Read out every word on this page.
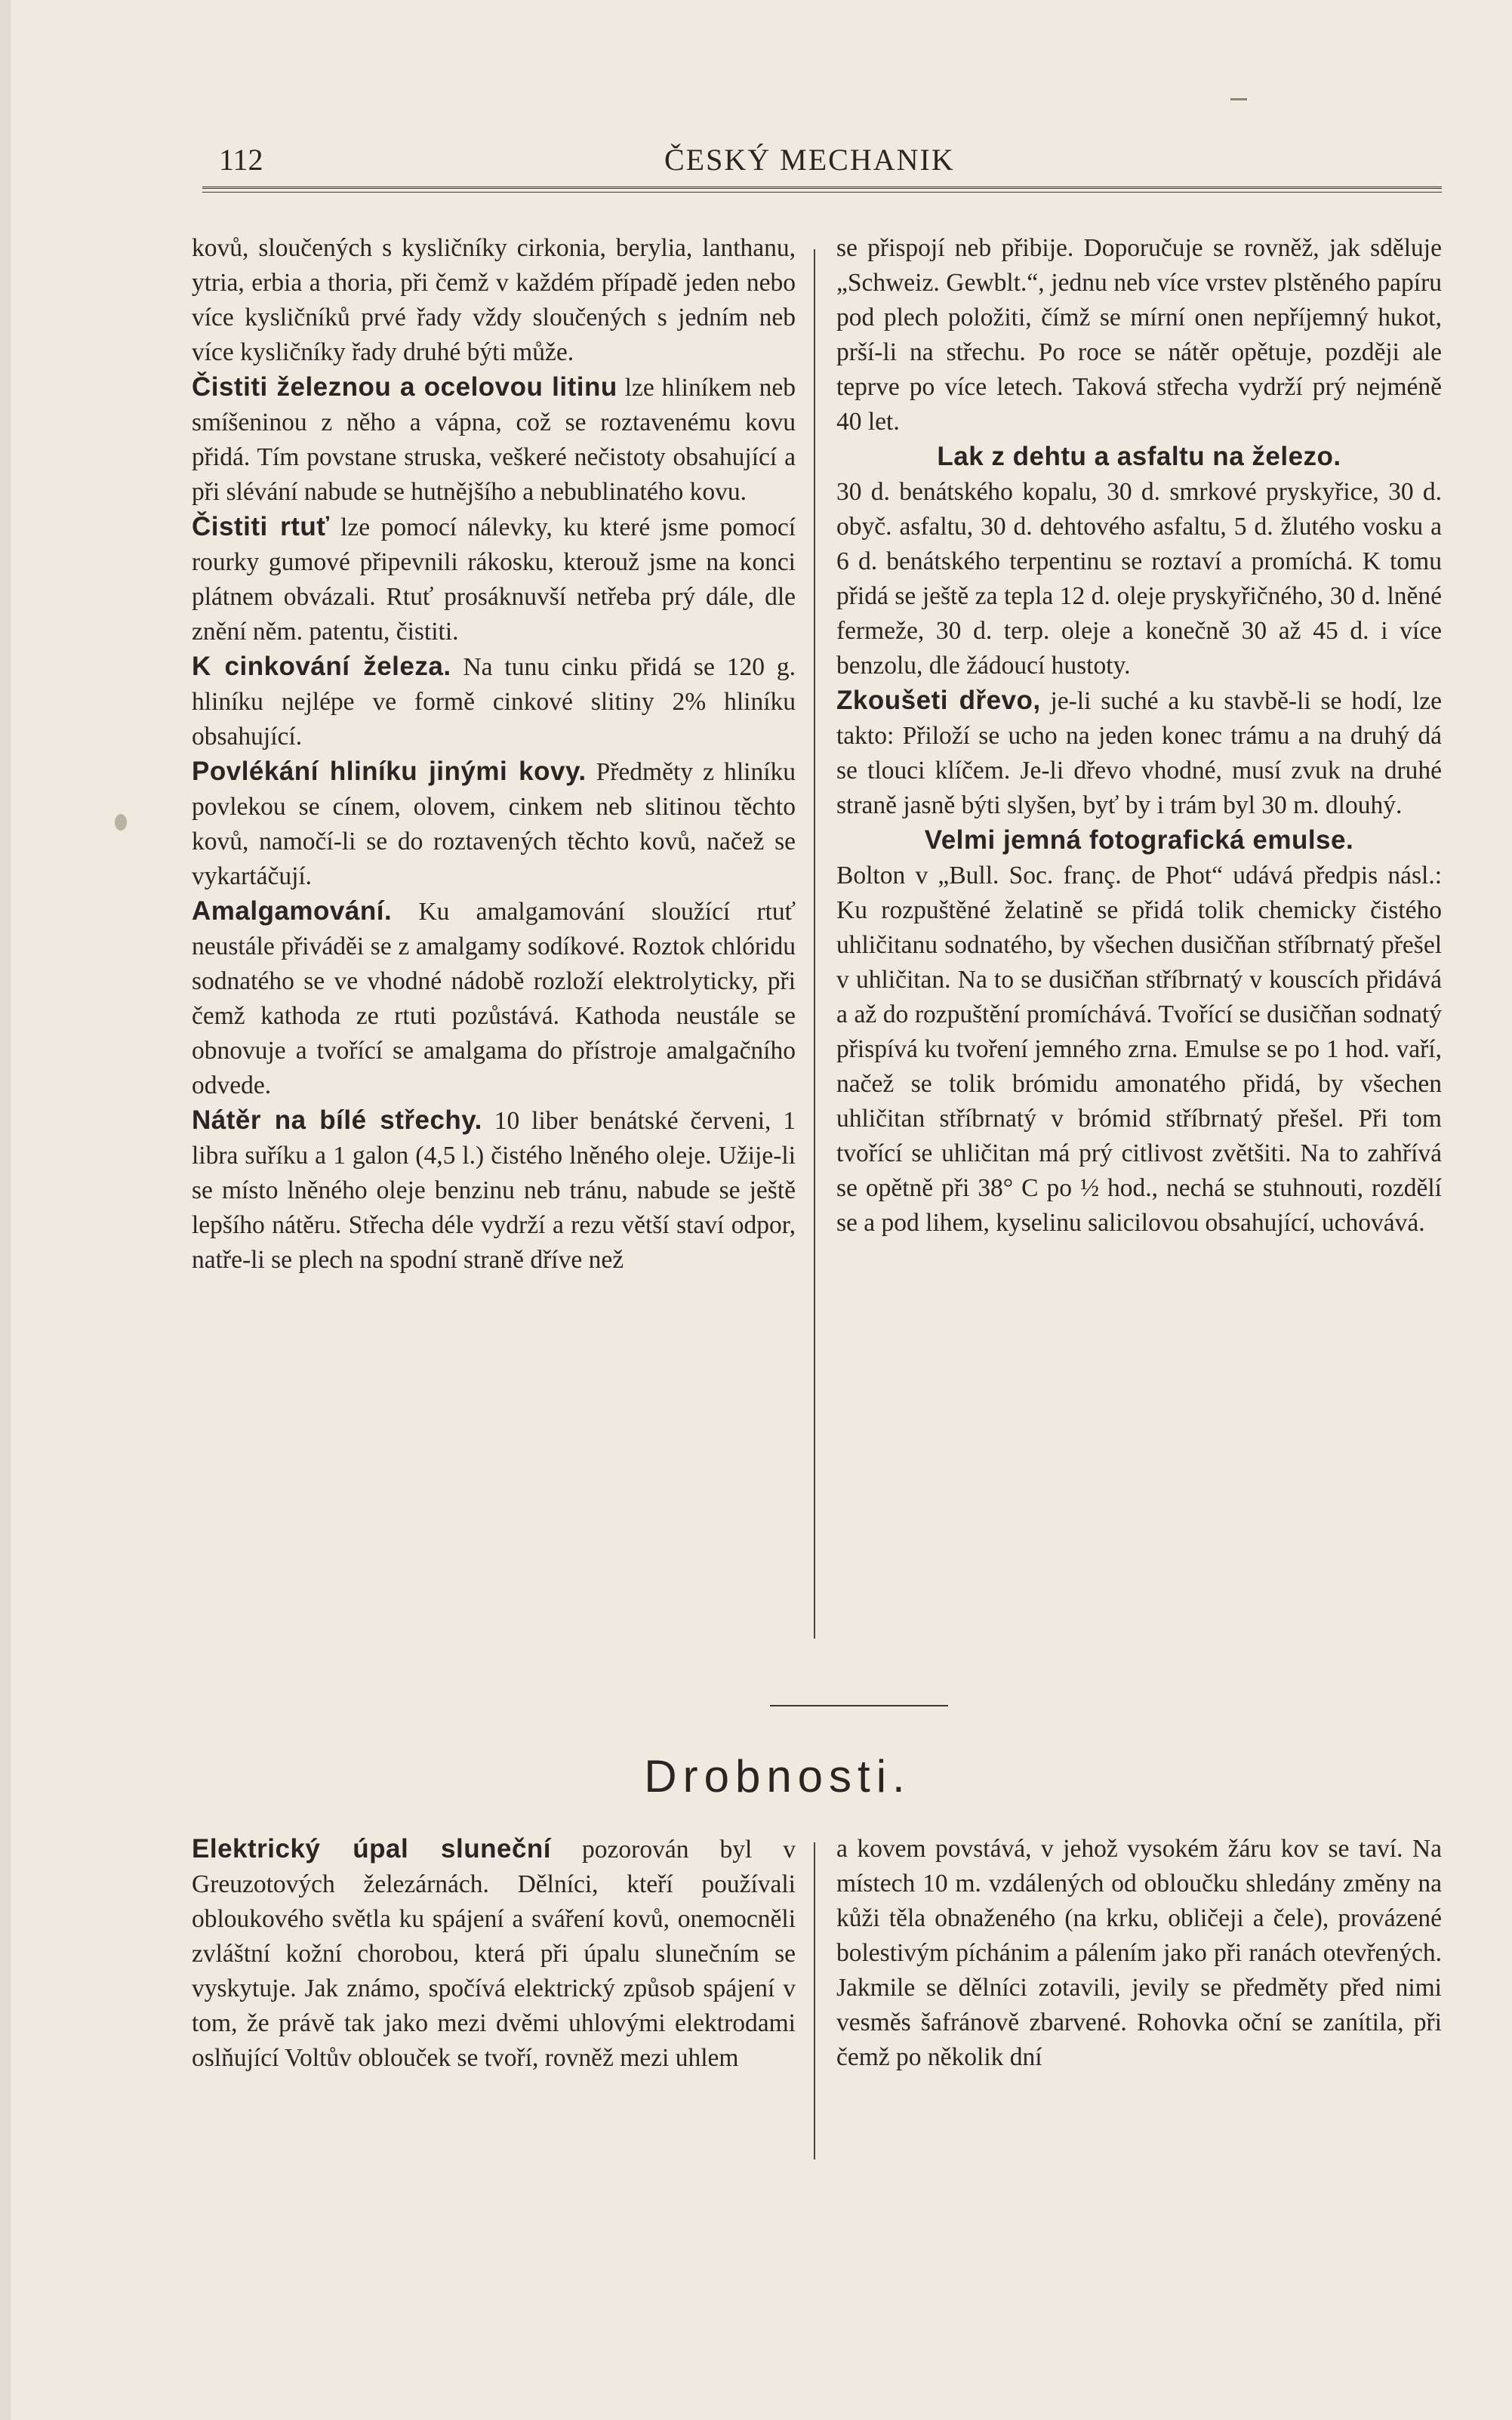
112	ČESKÝ MECHANIK

kovů, sloučených s kysličníky cirkonia, berylia, lanthanu, ytria, erbia a thoria, při čemž v každém případě jeden nebo více kysličníků prvé řady vždy sloučených s jedním neb více kysličníky řady druhé býti může.

Čistiti železnou a ocelovou litinu lze hliníkem neb smíšeninou z něho a vápna, což se roztavenému kovu přidá. Tím povstane struska, veškeré nečistoty obsahující a při slévání nabude se hutnějšího a nebublinatého kovu.

Čistiti rtuť lze pomocí nálevky, ku které jsme pomocí rourky gumové připevnili rákosku, kterouž jsme na konci plátnem obvázali. Rtuť prosáknuvší netřeba prý dále, dle znění něm. patentu, čistiti.

K cinkování železa. Na tunu cinku přidá se 120 g. hliníku nejlépe ve formě cinkové slitiny 2% hliníku obsahující.

Povlékání hliníku jinými kovy. Předměty z hliníku povlekou se cínem, olovem, cinkem neb slitinou těchto kovů, namočí-li se do roztavených těchto kovů, načež se vykartáčují.

Amalgamování. Ku amalgamování sloužící rtuť neustále přiváděi se z amalgamy sodíkové. Roztok chlóridu sodnatého se ve vhodné nádobě rozloží elektrolyticky, při čemž kathoda ze rtuti pozůstává. Kathoda neustále se obnovuje a tvořící se amalgama do přístroje amalgačního odvede.

Nátěr na bílé střechy. 10 liber benátské červeni, 1 libra suříku a 1 galon (4,5 l.) čistého lněného oleje. Užije-li se místo lněného oleje benzinu neb tránu, nabude se ještě lepšího nátěru. Střecha déle vydrží a rezu větší staví odpor, natře-li se plech na spodní straně dříve než

se přispojí neb přibije. Doporučuje se rovněž, jak sděluje „Schweiz. Gewblt.“, jednu neb více vrstev plstěného papíru pod plech položiti, čímž se mírní onen nepříjemný hukot, prší-li na střechu. Po roce se nátěr opětuje, později ale teprve po více letech. Taková střecha vydrží prý nejméně 40 let.

Lak z dehtu a asfaltu na železo.

30 d. benátského kopalu, 30 d. smrkové pryskyřice, 30 d. obyč. asfaltu, 30 d. dehtového asfaltu, 5 d. žlutého vosku a 6 d. benátského terpentinu se roztaví a promíchá. K tomu přidá se ještě za tepla 12 d. oleje pryskyřičného, 30 d. lněné fermeže, 30 d. terp. oleje a konečně 30 až 45 d. i více benzolu, dle žádoucí hustoty.

Zkoušeti dřevo, je-li suché a ku stavbě-li se hodí, lze takto: Přiloží se ucho na jeden konec trámu a na druhý dá se tlouci klíčem. Je-li dřevo vhodné, musí zvuk na druhé straně jasně býti slyšen, byť by i trám byl 30 m. dlouhý.

Velmi jemná fotografická emulse.

Bolton v „Bull. Soc. franç. de Phot“ udává předpis násl.: Ku rozpuštěné želatině se přidá tolik chemicky čistého uhličitanu sodnatého, by všechen dusičňan stříbrnatý přešel v uhličitan. Na to se dusičňan stříbrnatý v kouscích přidává a až do rozpuštění promíchává. Tvořící se dusičňan sodnatý přispívá ku tvoření jemného zrna. Emulse se po 1 hod. vaří, načež se tolik brómidu amonatého přidá, by všechen uhličitan stříbrnatý v brómid stříbrnatý přešel. Při tom tvořící se uhličitan má prý citlivost zvětšiti. Na to zahřívá se opětně při 38° C po ½ hod., nechá se stuhnouti, rozdělí se a pod lihem, kyselinu salicilovou obsahující, uchovává.

Drobnosti.

Elektrický úpal sluneční pozorován byl v Greuzotových železárnách. Dělníci, kteří používali obloukového světla ku spájení a sváření kovů, onemocněli zvláštní kožní chorobou, která při úpalu slunečním se vyskytuje. Jak známo, spočívá elektrický způsob spájení v tom, že právě tak jako mezi dvěmi uhlovými elektrodami oslňující Voltův oblouček se tvoří, rovněž mezi uhlem

a kovem povstává, v jehož vysokém žáru kov se taví. Na místech 10 m. vzdálených od obloučku shledány změny na kůži těla obnaženého (na krku, obličeji a čele), provázené bolestivým píchánim a pálením jako při ranách otevřených. Jakmile se dělníci zotavili, jevily se předměty před nimi vesměs šafránově zbarvené. Rohovka oční se zanítila, při čemž po několik dní
